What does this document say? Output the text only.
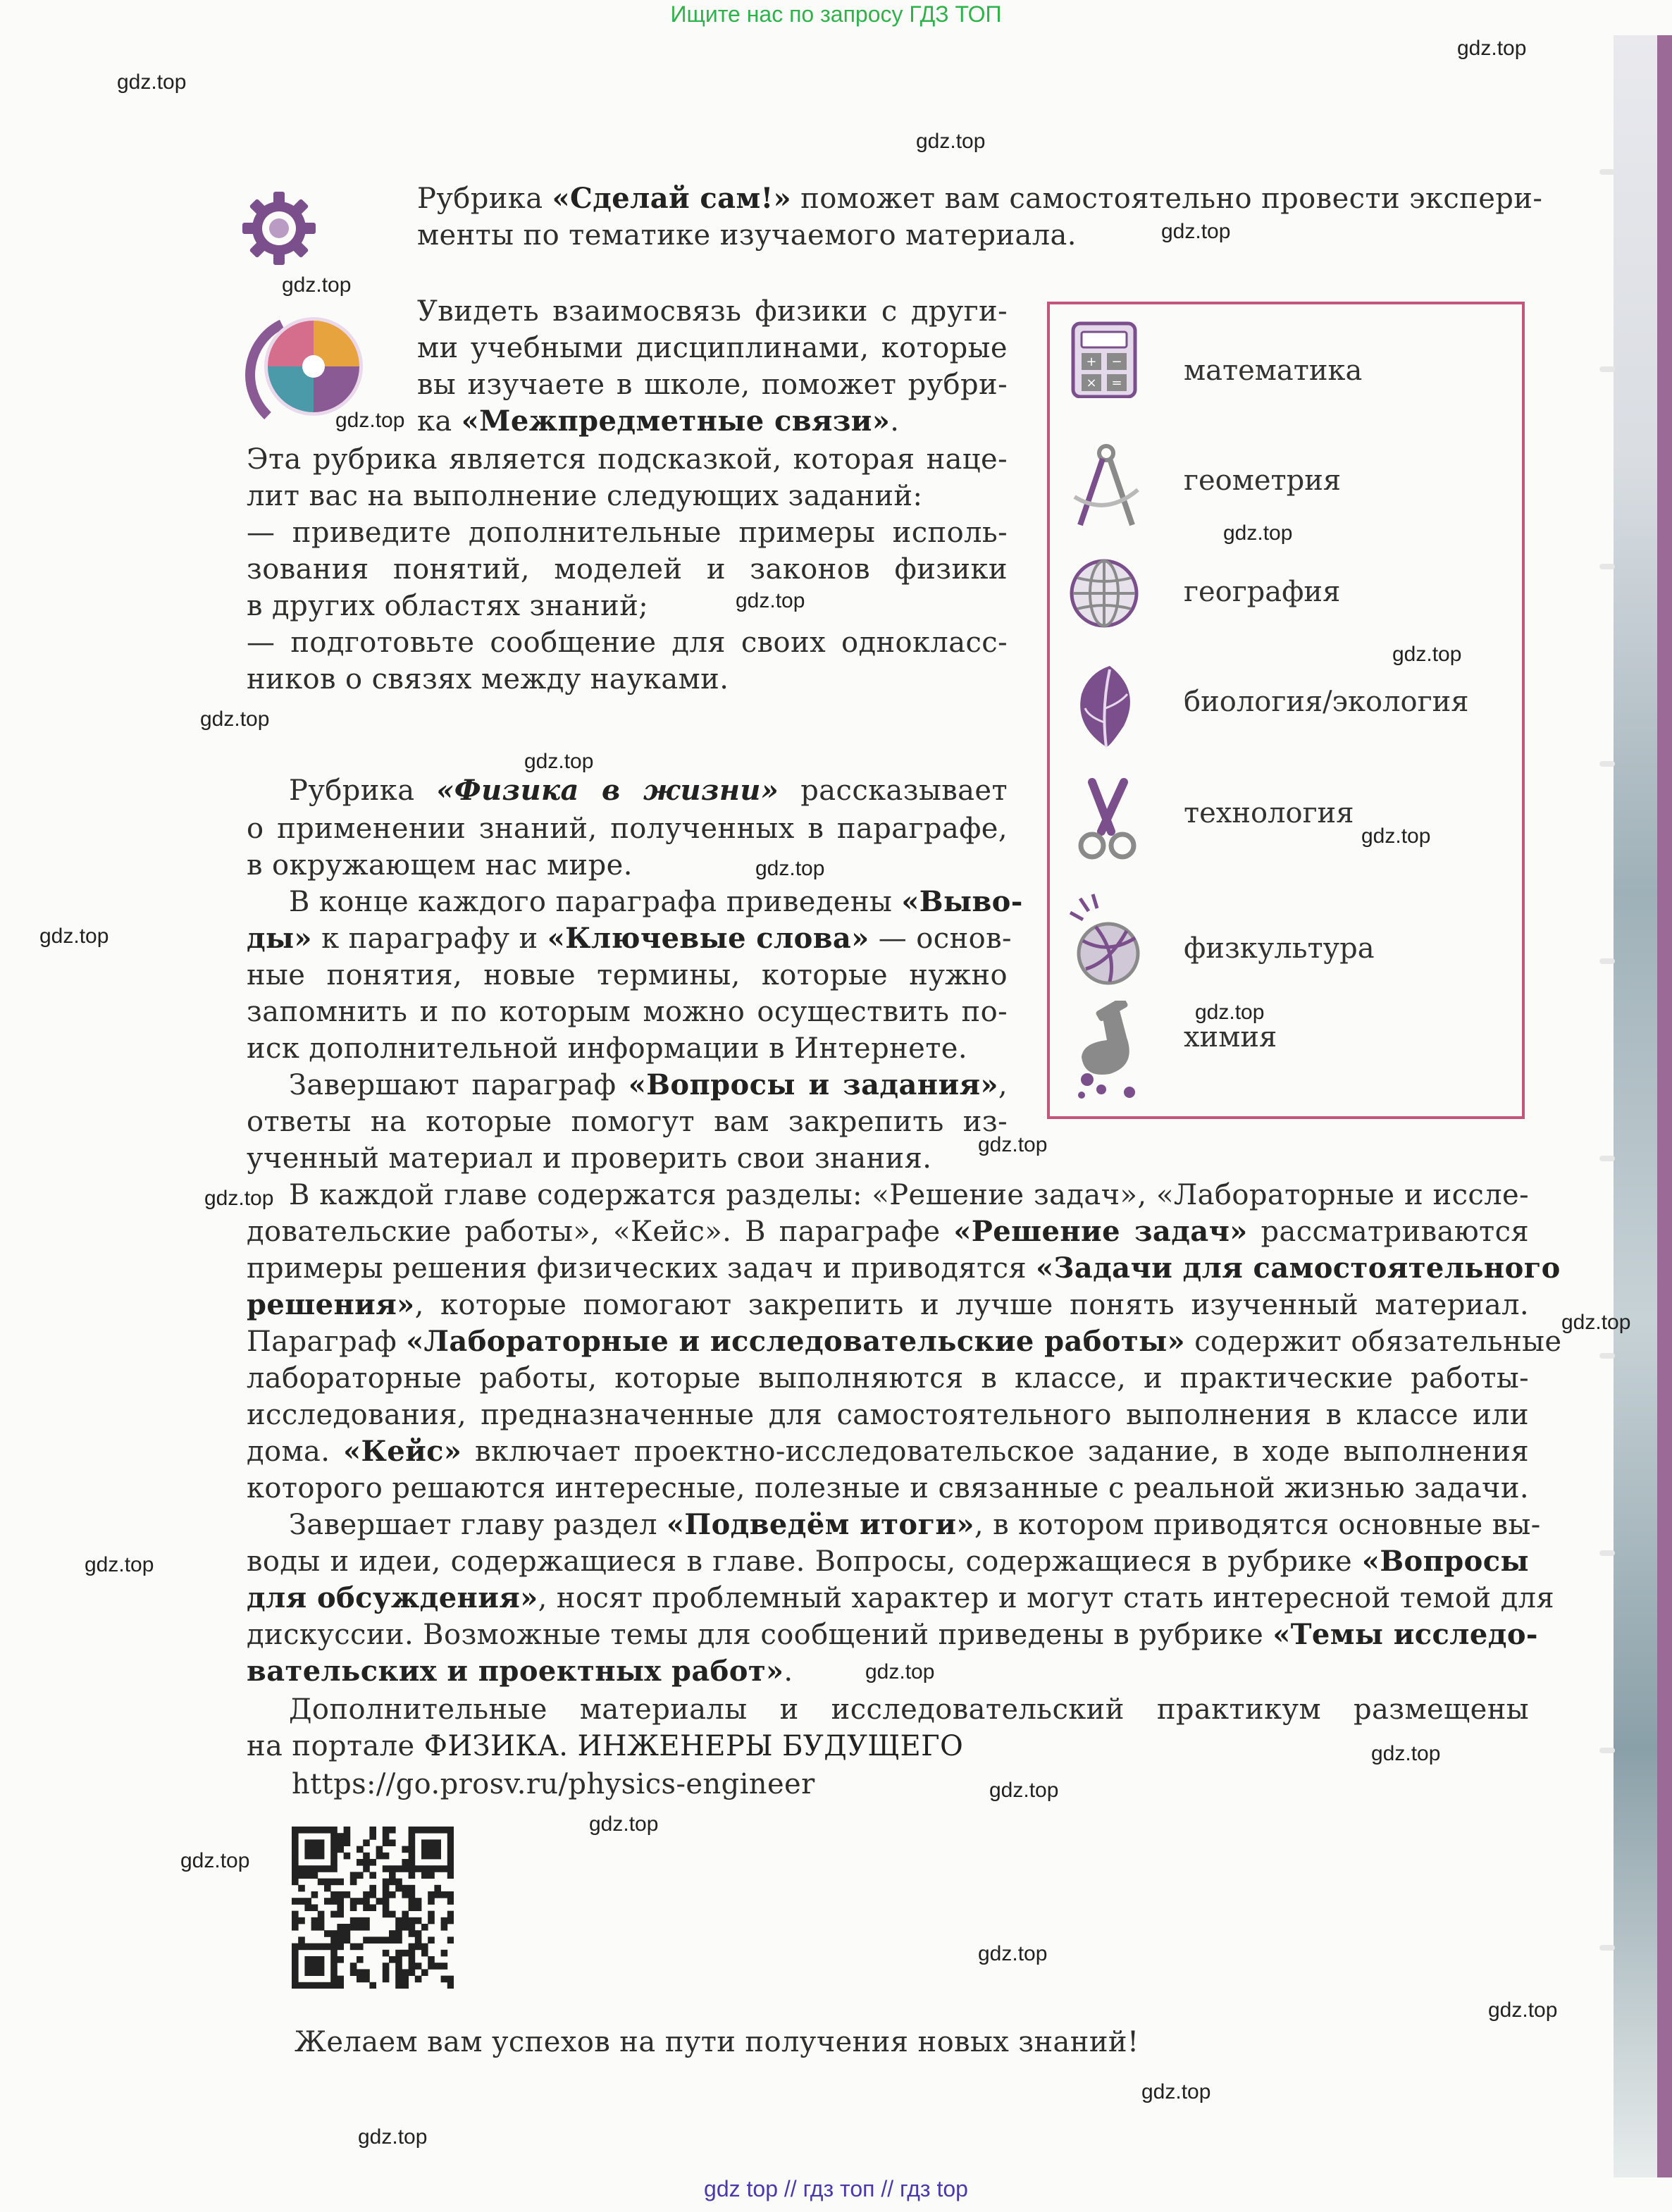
Ищите нас по запросу ГДЗ ТОП
gdz top // гдз топ // гдз top
Рубрика «Сделай сам!» поможет вам самостоятельно провести экспери-
менты по тематике изучаемого материала.
Увидеть взаимосвязь физики с други-
ми учебными дисциплинами, которые
вы изучаете в школе, поможет рубри-
ка «Межпредметные связи».
Эта рубрика является подсказкой, которая наце-
лит вас на выполнение следующих заданий:
— приведите дополнительные примеры исполь-
зования понятий, моделей и законов физики
в других областях знаний;
— подготовьте сообщение для своих однокласс-
ников о связях между науками.
+ −
× = математика
геометрия
география
биология/экология
технология
физкультура
химия
Рубрика «Физика в жизни» рассказывает
о применении знаний, полученных в параграфе,
в окружающем нас мире.
В конце каждого параграфа приведены «Выво-
ды» к параграфу и «Ключевые слова» — основ-
ные понятия, новые термины, которые нужно
запомнить и по которым можно осуществить по-
иск дополнительной информации в Интернете.
Завершают параграф «Вопросы и задания»,
ответы на которые помогут вам закрепить из-
ученный материал и проверить свои знания.
В каждой главе содержатся разделы: «Решение задач», «Лабораторные и иссле-
довательские работы», «Кейс». В параграфе «Решение задач» рассматриваются
примеры решения физических задач и приводятся «Задачи для самостоятельного
решения», которые помогают закрепить и лучше понять изученный материал.
Параграф «Лабораторные и исследовательские работы» содержит обязательные
лабораторные работы, которые выполняются в классе, и практические работы-
исследования, предназначенные для самостоятельного выполнения в классе или
дома. «Кейс» включает проектно-исследовательское задание, в ходе выполнения
которого решаются интересные, полезные и связанные с реальной жизнью задачи.
Завершает главу раздел «Подведём итоги», в котором приводятся основные вы-
воды и идеи, содержащиеся в главе. Вопросы, содержащиеся в рубрике «Вопросы
для обсуждения», носят проблемный характер и могут стать интересной темой для
дискуссии. Возможные темы для сообщений приведены в рубрике «Темы исследо-
вательских и проектных работ».
Дополнительные материалы и исследовательский практикум размещены
на портале ФИЗИКА. ИНЖЕНЕРЫ БУДУЩЕГО
https://go.prosv.ru/physics-engineer
Желаем вам успехов на пути получения новых знаний!
gdz.top
gdz.top
gdz.top
gdz.top
gdz.top
gdz.top
gdz.top
gdz.top
gdz.top
gdz.top
gdz.top
gdz.top
gdz.top
gdz.top
gdz.top
gdz.top
gdz.top
gdz.top
gdz.top
gdz.top
gdz.top
gdz.top
gdz.top
gdz.top
gdz.top
gdz.top
gdz.top
gdz.top
